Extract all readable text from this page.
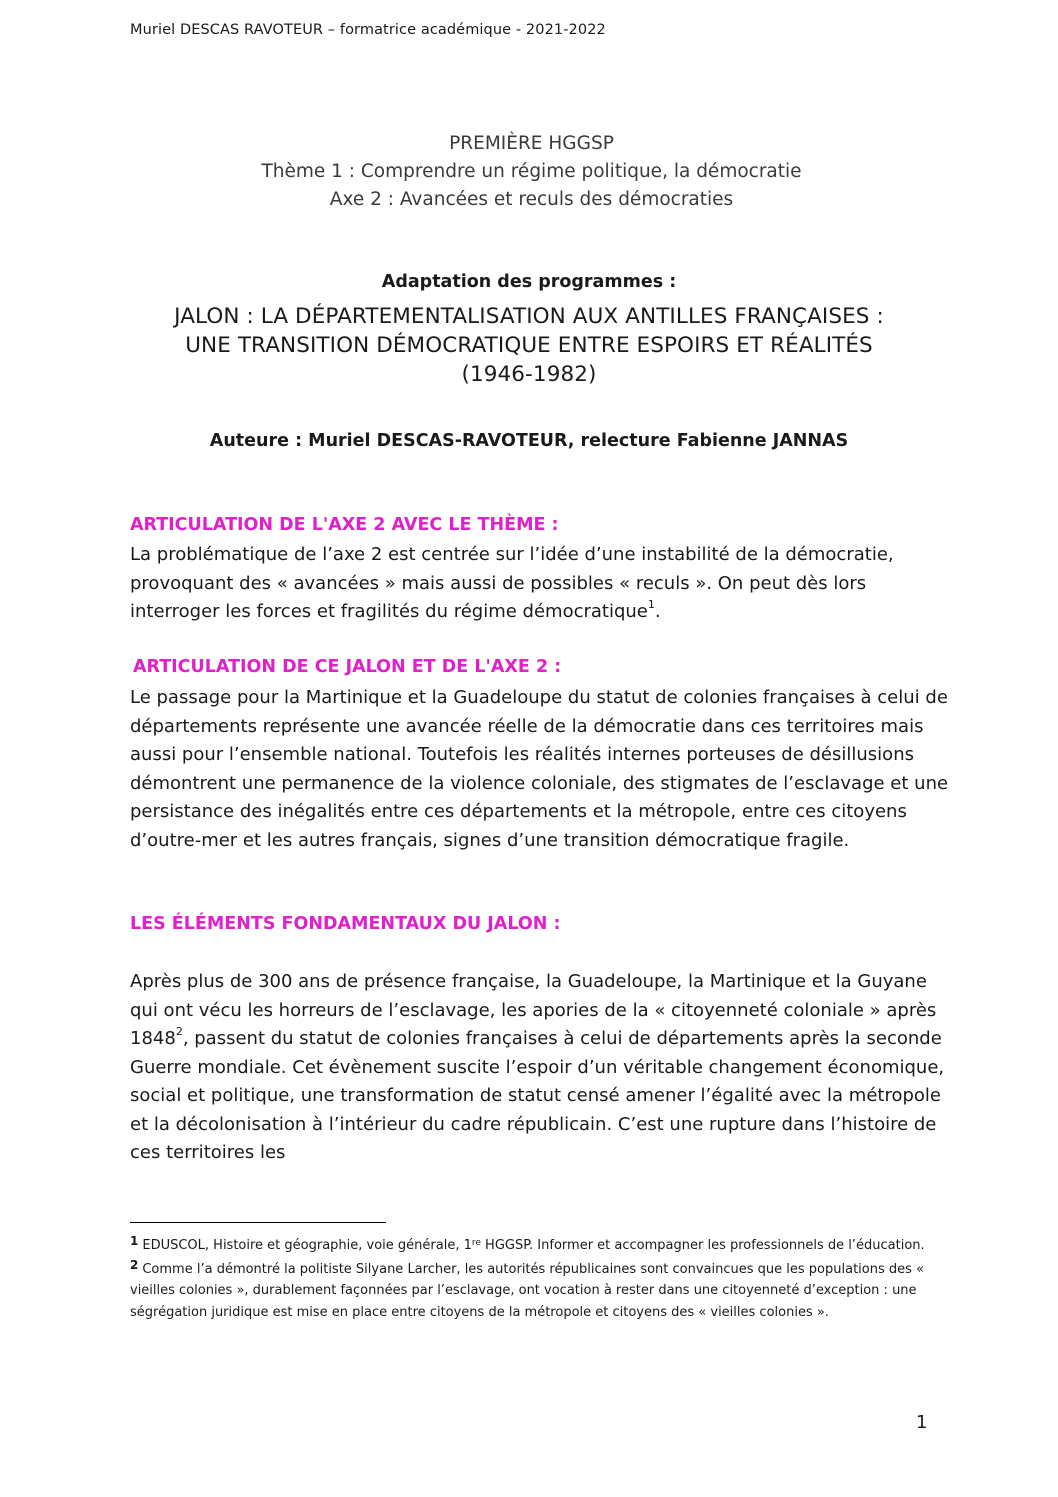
Muriel DESCAS RAVOTEUR – formatrice académique - 2021-2022
PREMIÈRE HGGSP
Thème 1 : Comprendre un régime politique, la démocratie
Axe 2 : Avancées et reculs des démocraties
Adaptation des programmes :
JALON : LA DÉPARTEMENTALISATION AUX ANTILLES FRANÇAISES :
UNE TRANSITION DÉMOCRATIQUE ENTRE ESPOIRS ET RÉALITÉS
(1946-1982)
Auteure : Muriel DESCAS-RAVOTEUR, relecture Fabienne JANNAS
ARTICULATION DE L'AXE 2 AVEC LE THÈME :

La problématique de l’axe 2 est centrée sur l’idée d’une instabilité de la démocratie, provoquant des « avancées » mais aussi de possibles « reculs ». On peut dès lors interroger les forces et fragilités du régime démocratique$^1$.

ARTICULATION DE CE JALON ET DE L'AXE 2 :

Le passage pour la Martinique et la Guadeloupe du statut de colonies françaises à celui de départements représente une avancée réelle de la démocratie dans ces territoires mais aussi pour l’ensemble national. Toutefois les réalités internes porteuses de désillusions démontrent une permanence de la violence coloniale, des stigmates de l’esclavage et une persistance des inégalités entre ces départements et la métropole, entre ces citoyens d’outre-mer et les autres français, signes d’une transition démocratique fragile.

LES ÉLÉMENTS FONDAMENTAUX DU JALON :

Après plus de 300 ans de présence française, la Guadeloupe, la Martinique et la Guyane qui ont vécu les horreurs de l’esclavage, les apories de la « citoyenneté coloniale » après 1848$^2$, passent du statut de colonies françaises à celui de départements après la seconde Guerre mondiale. Cet évènement suscite l’espoir d’un véritable changement économique, social et politique, une transformation de statut censé amener l’égalité avec la métropole et la décolonisation à l’intérieur du cadre républicain. C’est une rupture dans l’histoire de ces territoires les

1 EDUSCOL, Histoire et géographie, voie générale, 1re HGGSP. Informer et accompagner les professionnels de l’éducation.
2 Comme l’a démontré la politiste Silyane Larcher, les autorités républicaines sont convaincues que les populations des « vieilles colonies », durablement façonnées par l’esclavage, ont vocation à rester dans une citoyenneté d’exception : une ségrégation juridique est mise en place entre citoyens de la métropole et citoyens des « vieilles colonies ».
1
